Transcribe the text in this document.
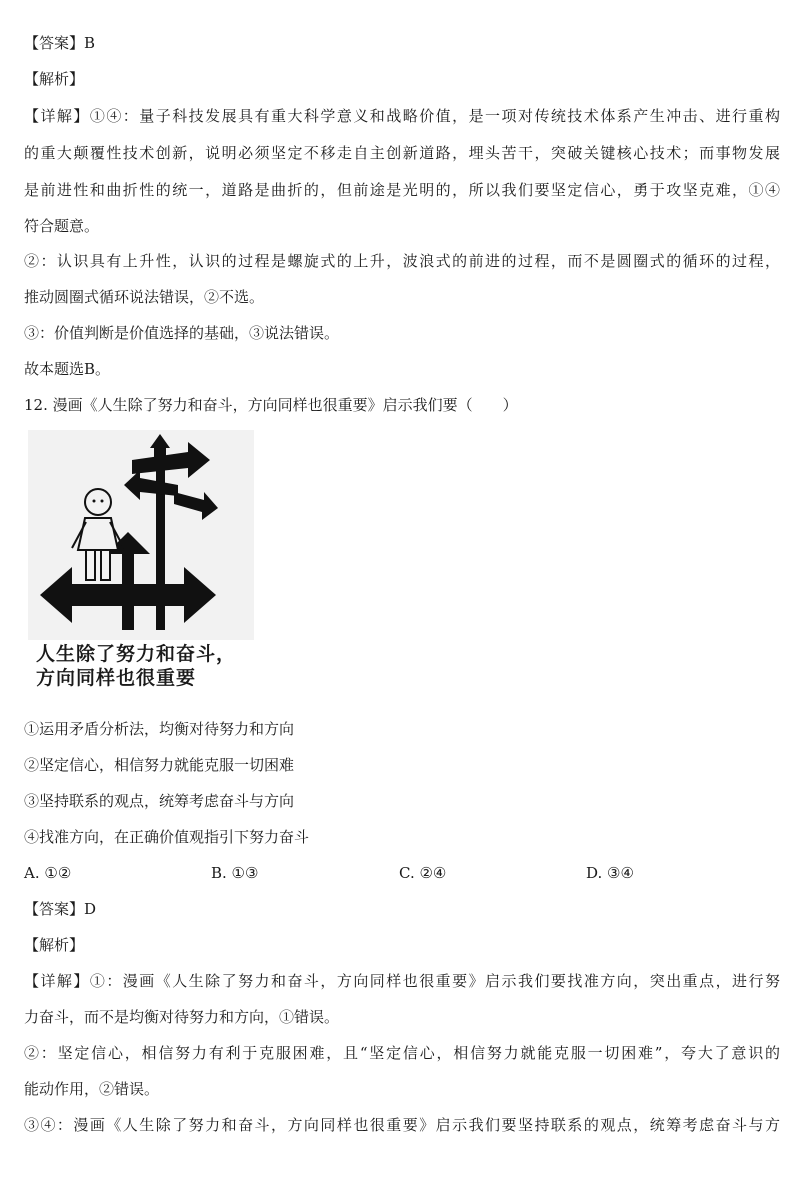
【答案】B
【解析】
【详解】①④：量子科技发展具有重大科学意义和战略价值，是一项对传统技术体系产生冲击、进行重构
的重大颠覆性技术创新，说明必须坚定不移走自主创新道路，埋头苦干，突破关键核心技术；而事物发展
是前进性和曲折性的统一，道路是曲折的，但前途是光明的，所以我们要坚定信心，勇于攻坚克难，①④
符合题意。
②：认识具有上升性，认识的过程是螺旋式的上升，波浪式的前进的过程，而不是圆圈式的循环的过程，
推动圆圈式循环说法错误，②不选。
③：价值判断是价值选择的基础，③说法错误。
故本题选B。
12. 漫画《人生除了努力和奋斗，方向同样也很重要》启示我们要（　　）
人生除了努力和奋斗，
方向同样也很重要
①运用矛盾分析法，均衡对待努力和方向
②坚定信心，相信努力就能克服一切困难
③坚持联系的观点，统筹考虑奋斗与方向
④找准方向，在正确价值观指引下努力奋斗
A. ①②	B. ①③	C. ②④	D. ③④
【答案】D
【解析】
【详解】①：漫画《人生除了努力和奋斗，方向同样也很重要》启示我们要找准方向，突出重点，进行努
力奋斗，而不是均衡对待努力和方向，①错误。
②：坚定信心，相信努力有利于克服困难，且“坚定信心，相信努力就能克服一切困难”，夸大了意识的
能动作用，②错误。
③④：漫画《人生除了努力和奋斗，方向同样也很重要》启示我们要坚持联系的观点，统筹考虑奋斗与方
